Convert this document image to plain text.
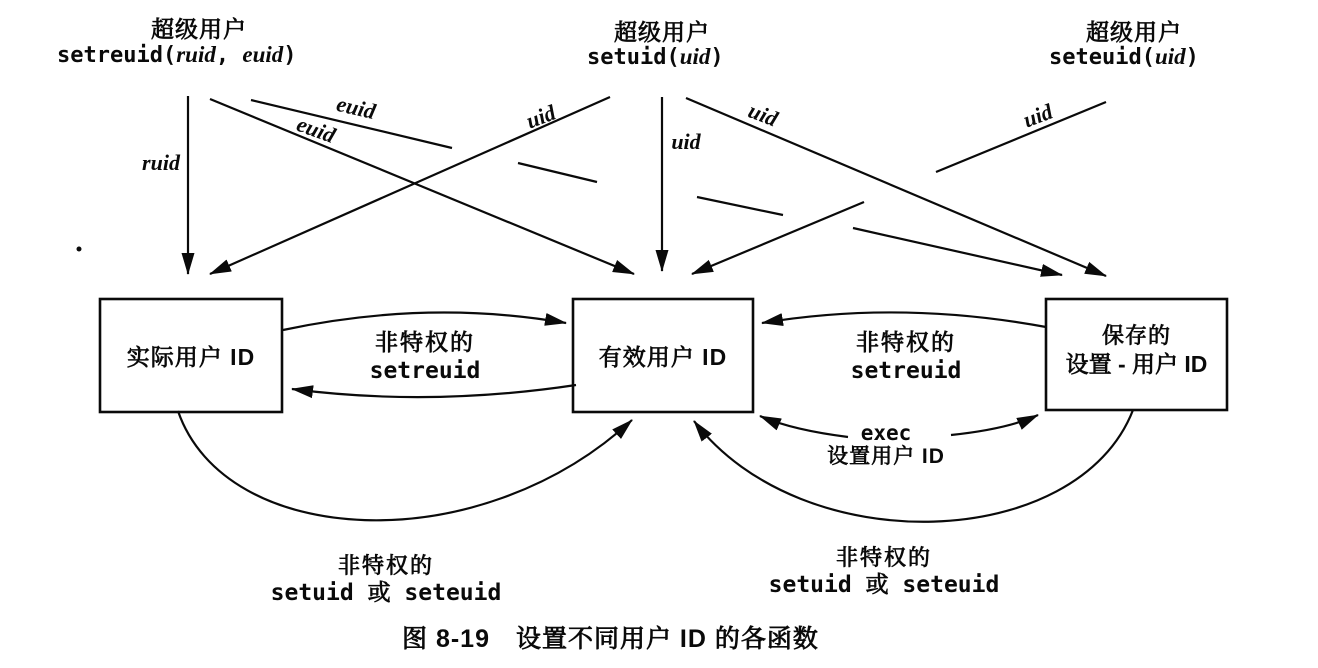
超级用户
setreuid(ruid, euid)
超级用户
setuid(uid)
超级用户
seteuid(uid)
ruid
euid
euid	uid
uid
uid	uid
实际用户 ID	有效用户 ID
保存的
设置 - 用户 ID
非特权的
setreuid
非特权的
setreuid
exec
设置用户 ID
非特权的
setuid 或 seteuid
非特权的
setuid 或 seteuid
图 8-19 设置不同用户 ID 的各函数
